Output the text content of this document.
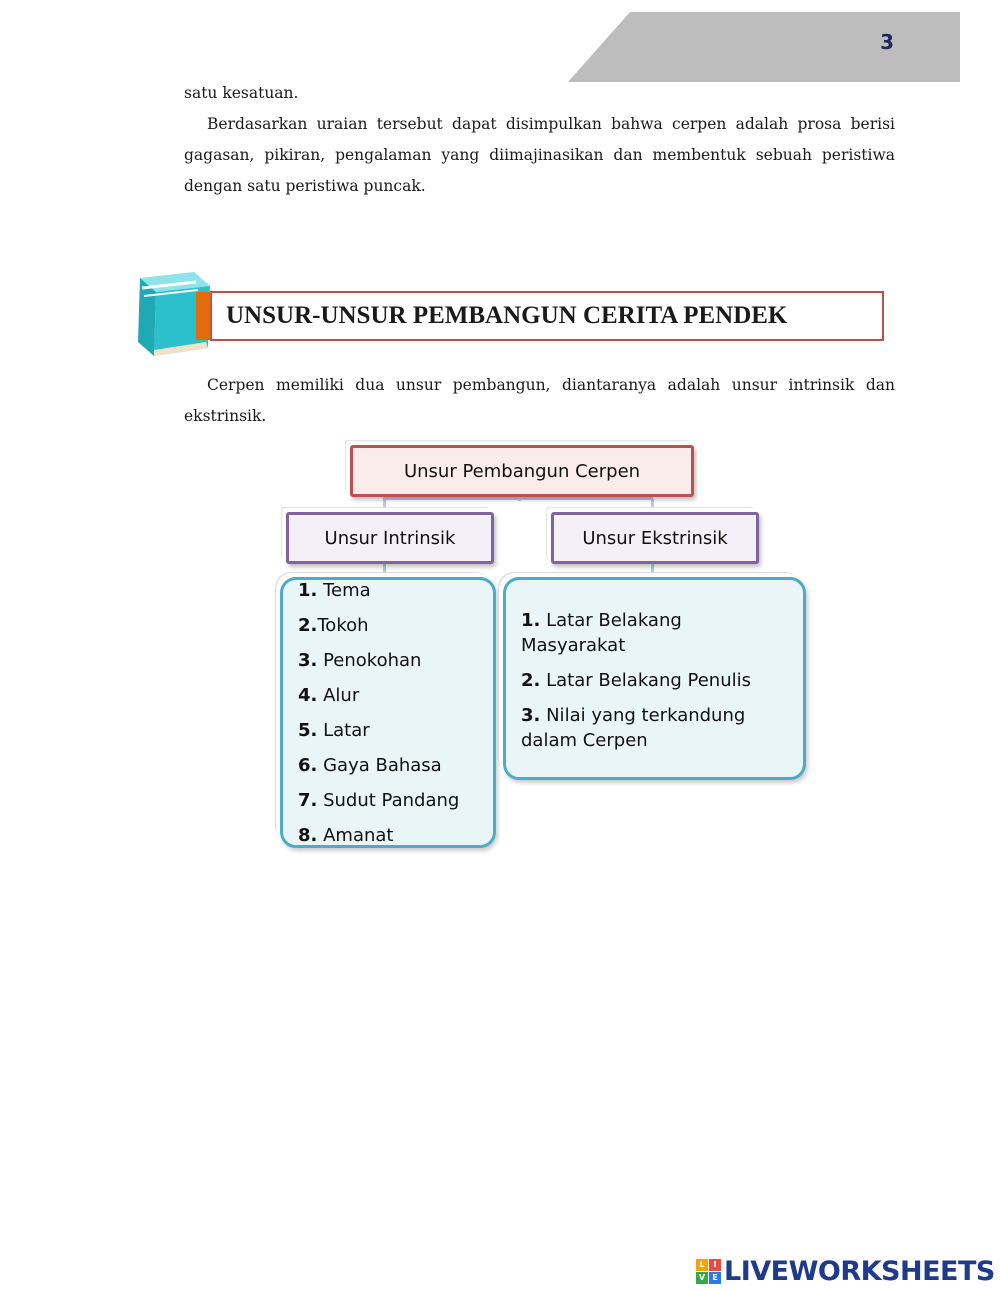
3

satu kesatuan.

Berdasarkan uraian tersebut dapat disimpulkan bahwa cerpen adalah prosa berisi gagasan, pikiran, pengalaman yang diimajinasikan dan membentuk sebuah peristiwa dengan satu peristiwa puncak.

UNSUR-UNSUR PEMBANGUN CERITA PENDEK

Cerpen memiliki dua unsur pembangun, diantaranya adalah unsur intrinsik dan ekstrinsik.

Unsur Pembangun Cerpen
Unsur Intrinsik	Unsur Ekstrinsik
1. Tema
2.Tokoh
3. Penokohan
4. Alur
5. Latar
6. Gaya Bahasa
7. Sudut Pandang
8. Amanat
1. Latar Belakang Masyarakat
2. Latar Belakang Penulis
3. Nilai yang terkandung dalam Cerpen
L	I
V E LIVEWORKSHEETS
